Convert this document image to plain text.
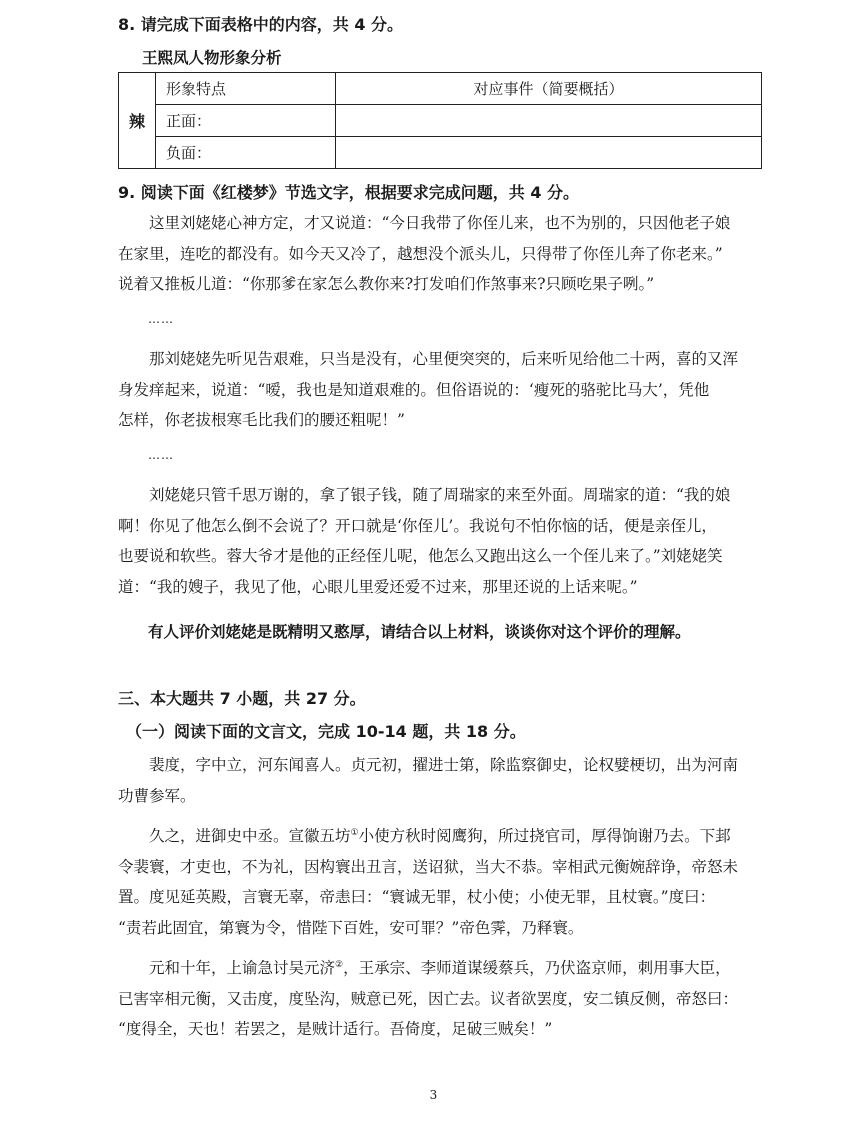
8. 请完成下面表格中的内容，共 4 分。
王熙凤人物形象分析
辣	形象特点	对应事件（简要概括）
	正面：	
	负面：	
9. 阅读下面《红楼梦》节选文字，根据要求完成问题，共 4 分。
这里刘姥姥心神方定，才又说道：“今日我带了你侄儿来，也不为别的，只因他老子娘
在家里，连吃的都没有。如今天又冷了，越想没个派头儿，只得带了你侄儿奔了你老来。”
说着又推板儿道：“你那爹在家怎么教你来?打发咱们作煞事来?只顾吃果子咧。”
……
那刘姥姥先听见告艰难，只当是没有，心里便突突的，后来听见给他二十两，喜的又浑
身发痒起来，说道：“嗳，我也是知道艰难的。但俗语说的：‘瘦死的骆驼比马大’，凭他
怎样，你老拔根寒毛比我们的腰还粗呢！”
……
刘姥姥只管千思万谢的，拿了银子钱，随了周瑞家的来至外面。周瑞家的道：“我的娘
啊！你见了他怎么倒不会说了？开口就是‘你侄儿’。我说句不怕你恼的话，便是亲侄儿，
也要说和软些。蓉大爷才是他的正经侄儿呢，他怎么又跑出这么一个侄儿来了。”刘姥姥笑
道：“我的嫂子，我见了他，心眼儿里爱还爱不过来，那里还说的上话来呢。”
有人评价刘姥姥是既精明又憨厚，请结合以上材料，谈谈你对这个评价的理解。
三、本大题共 7 小题，共 27 分。
（一）阅读下面的文言文，完成 10-14 题，共 18 分。
裴度，字中立，河东闻喜人。贞元初，擢进士第，除监察御史，论权嬖梗切，出为河南
功曹参军。
久之，进御史中丞。宣徽五坊①小使方秋时阅鹰狗，所过挠官司，厚得饷谢乃去。下邽
令裴寰，才吏也，不为礼，因构寰出丑言，送诏狱，当大不恭。宰相武元衡婉辞诤，帝怒未
置。度见延英殿，言寰无辜，帝恚曰：“寰诚无罪，杖小使；小使无罪，且杖寰。”度曰：
“责若此固宜，第寰为令，惜陛下百姓，安可罪？”帝色霁，乃释寰。
元和十年，上谕急讨吴元济②，王承宗、李师道谋缓蔡兵，乃伏盗京师，刺用事大臣，
已害宰相元衡，又击度，度坠沟，贼意已死，因亡去。议者欲罢度，安二镇反侧，帝怒曰：
“度得全，天也！若罢之，是贼计适行。吾倚度，足破三贼矣！”
3
